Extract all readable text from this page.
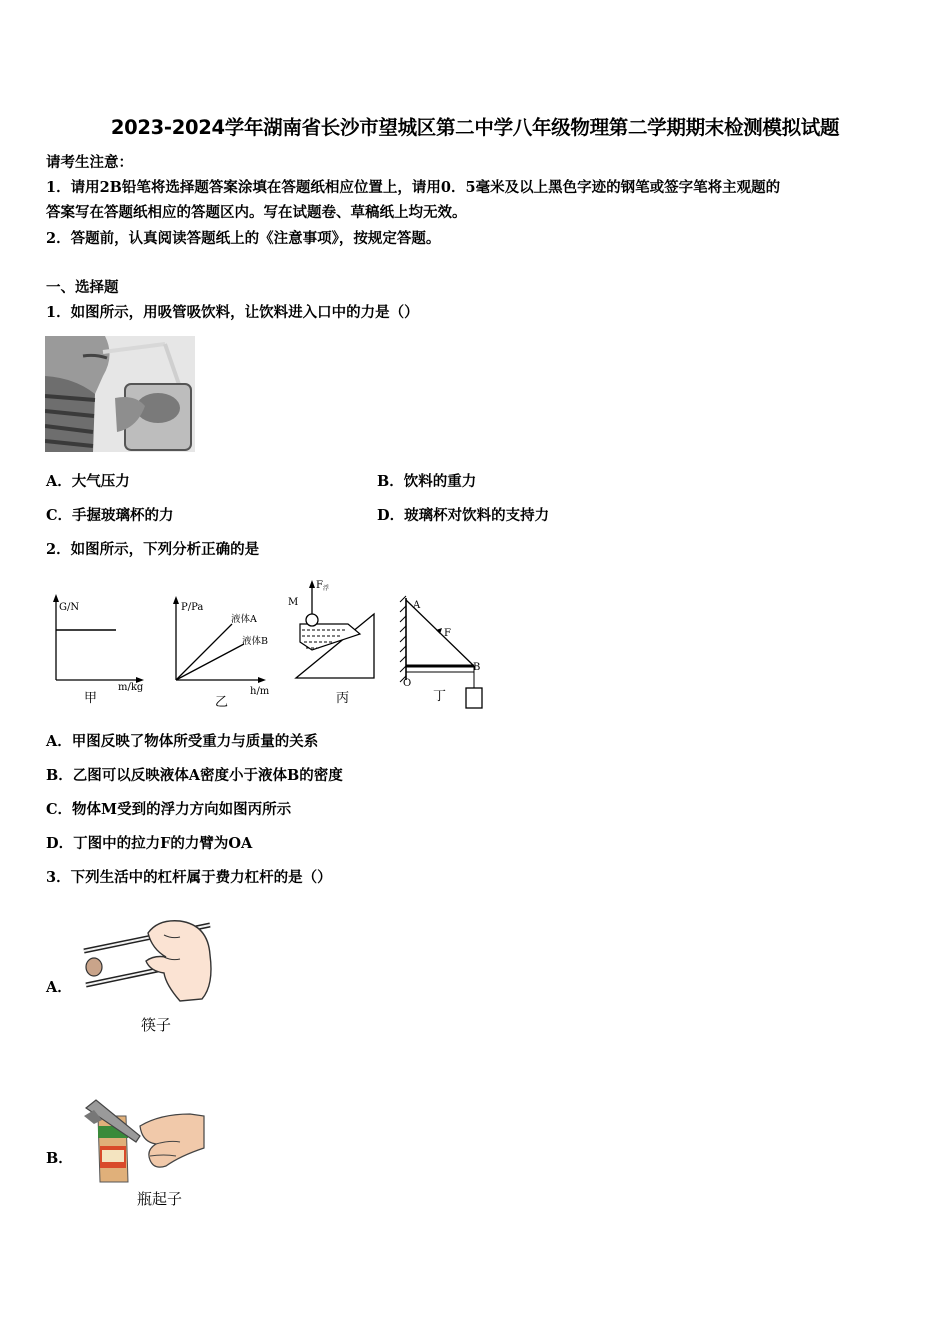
2023-2024学年湖南省长沙市望城区第二中学八年级物理第二学期期末检测模拟试题
请考生注意：
1．请用2B铅笔将选择题答案涂填在答题纸相应位置上，请用0．5毫米及以上黑色字迹的钢笔或签字笔将主观题的
答案写在答题纸相应的答题区内。写在试题卷、草稿纸上均无效。
2．答题前，认真阅读答题纸上的《注意事项》，按规定答题。
一、选择题
1．如图所示，用吸管吸饮料，让饮料进入口中的力是（）
A．大气压力	B．饮料的重力
C．手握玻璃杯的力	D．玻璃杯对饮料的支持力
2．如图所示，下列分析正确的是
G/N
m/kg
甲
P/Pa
液体A
液体B
h/m
乙
F 浮
M
丙
A
F
B
O
丁
A．甲图反映了物体所受重力与质量的关系
B．乙图可以反映液体A密度小于液体B的密度
C．物体M受到的浮力方向如图丙所示
D．丁图中的拉力F的力臂为OA
3．下列生活中的杠杆属于费力杠杆的是（）
A．
筷子
B．
瓶起子
